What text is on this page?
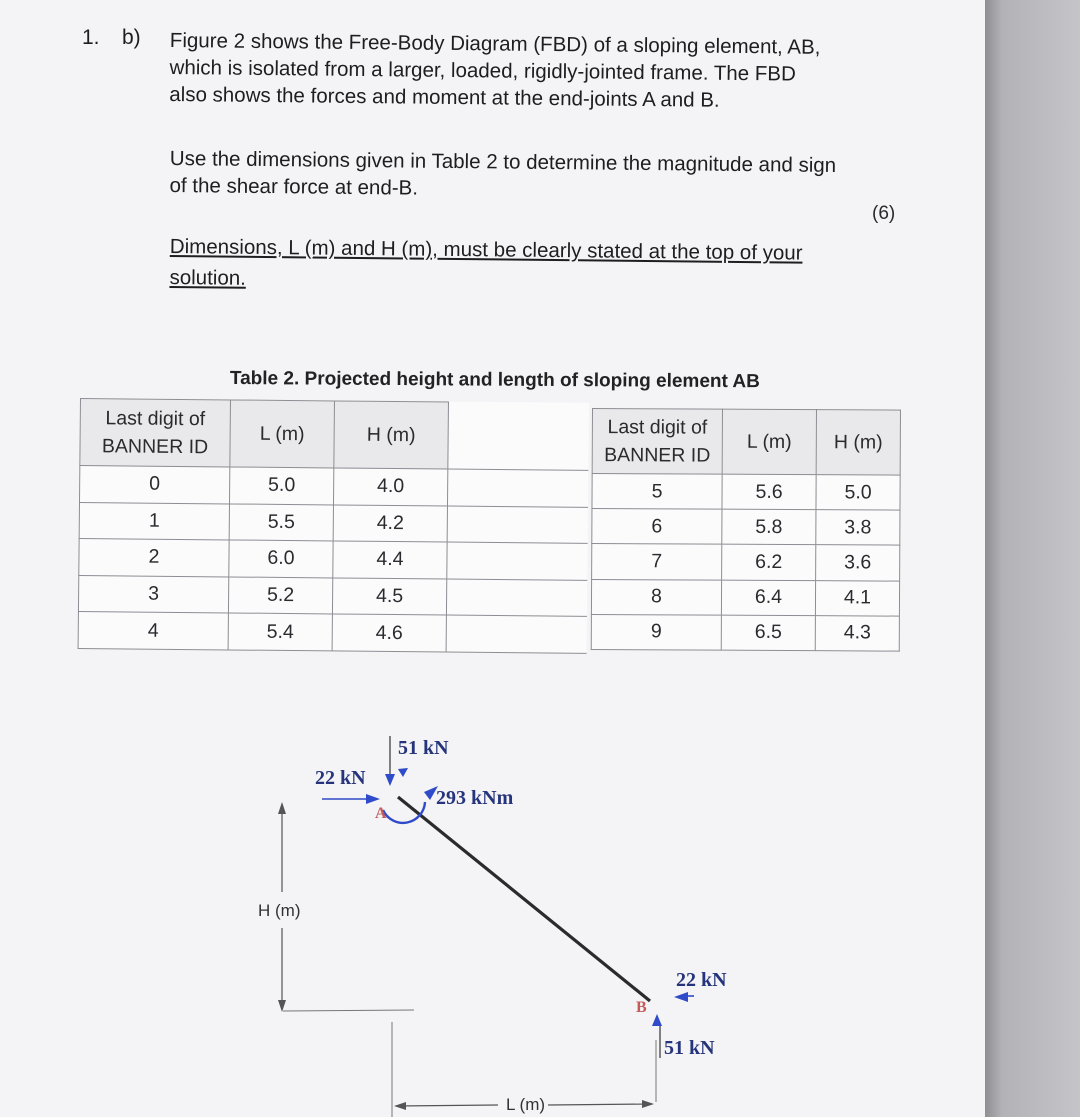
1. b) Figure 2 shows the Free-Body Diagram (FBD) of a sloping element, AB,
which is isolated from a larger, loaded, rigidly-jointed frame. The FBD
also shows the forces and moment at the end-joints A and B.
Use the dimensions given in Table 2 to determine the magnitude and sign
of the shear force at end-B.
(6)
Dimensions, L (m) and H (m), must be clearly stated at the top of your
solution.
Table 2. Projected height and length of sloping element AB
Last digit of
BANNER ID	L (m)	H (m)	
0	5.0	4.0	
1	5.5	4.2	
2	6.0	4.4	
3	5.2	4.5	
4	5.4	4.6	
Last digit of
BANNER ID	L (m)	H (m)
5	5.6	5.0
6	5.8	3.8
7	6.2	3.6
8	6.4	4.1
9	6.5	4.3
H (m)
L (m)
51 kN
22 kN
293 kNm
A
B
22 kN
51 kN
